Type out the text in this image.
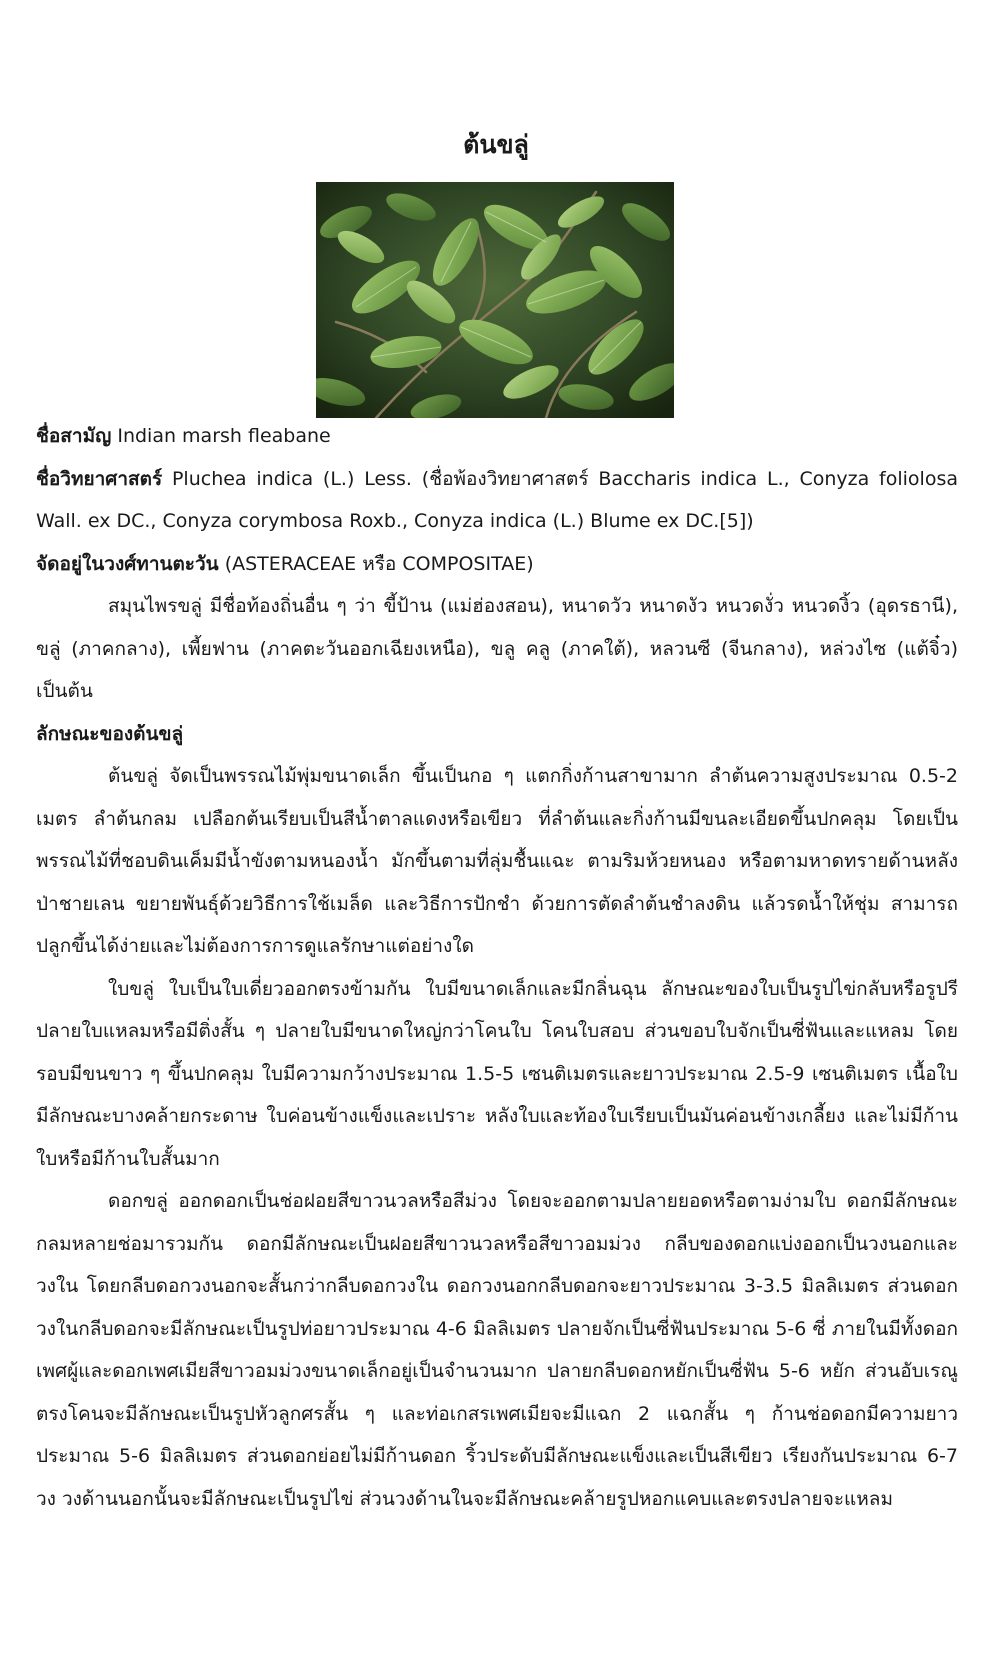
ต้นขลู่

ชื่อสามัญ Indian marsh fleabane

ชื่อวิทยาศาสตร์ Pluchea indica (L.) Less. (ชื่อพ้องวิทยาศาสตร์ Baccharis indica L., Conyza foliolosa Wall. ex DC., Conyza corymbosa Roxb., Conyza indica (L.) Blume ex DC.[5])

จัดอยู่ในวงศ์ทานตะวัน (ASTERACEAE หรือ COMPOSITAE)

สมุนไพรขลู่ มีชื่อท้องถิ่นอื่น ๆ ว่า ขี้ป้าน (แม่ฮ่องสอน), หนาดวัว หนาดงัว หนวดงั่ว หนวดงิ้ว (อุดรธานี), ขลู่ (ภาคกลาง), เพี้ยฟาน (ภาคตะวันออกเฉียงเหนือ), ขลู คลู (ภาคใต้), หลวนซี (จีนกลาง), หล่วงไซ (แต้จิ๋ว) เป็นต้น

ลักษณะของต้นขลู่

ต้นขลู่ จัดเป็นพรรณไม้พุ่มขนาดเล็ก ขึ้นเป็นกอ ๆ แตกกิ่งก้านสาขามาก ลำต้นความสูงประมาณ 0.5-2 เมตร ลำต้นกลม เปลือกต้นเรียบเป็นสีน้ำตาลแดงหรือเขียว ที่ลำต้นและกิ่งก้านมีขนละเอียดขึ้นปกคลุม โดยเป็นพรรณไม้ที่ชอบดินเค็มมีน้ำขังตามหนองน้ำ มักขึ้นตามที่ลุ่มชื้นแฉะ ตามริมห้วยหนอง หรือตามหาดทรายด้านหลังป่าชายเลน ขยายพันธุ์ด้วยวิธีการใช้เมล็ด และวิธีการปักชำ ด้วยการตัดลำต้นชำลงดิน แล้วรดน้ำให้ชุ่ม สามารถปลูกขึ้นได้ง่ายและไม่ต้องการการดูแลรักษาแต่อย่างใด

ใบขลู่ ใบเป็นใบเดี่ยวออกตรงข้ามกัน ใบมีขนาดเล็กและมีกลิ่นฉุน ลักษณะของใบเป็นรูปไข่กลับหรือรูปรี ปลายใบแหลมหรือมีติ่งสั้น ๆ ปลายใบมีขนาดใหญ่กว่าโคนใบ โคนใบสอบ ส่วนขอบใบจักเป็นซี่ฟันและแหลม โดยรอบมีขนขาว ๆ ขึ้นปกคลุม ใบมีความกว้างประมาณ 1.5-5 เซนติเมตรและยาวประมาณ 2.5-9 เซนติเมตร เนื้อใบมีลักษณะบางคล้ายกระดาษ ใบค่อนข้างแข็งและเปราะ หลังใบและท้องใบเรียบเป็นมันค่อนข้างเกลี้ยง และไม่มีก้านใบหรือมีก้านใบสั้นมาก

ดอกขลู่ ออกดอกเป็นช่อฝอยสีขาวนวลหรือสีม่วง โดยจะออกตามปลายยอดหรือตามง่ามใบ ดอกมีลักษณะกลมหลายช่อมารวมกัน ดอกมีลักษณะเป็นฝอยสีขาวนวลหรือสีขาวอมม่วง กลีบของดอกแบ่งออกเป็นวงนอกและวงใน โดยกลีบดอกวงนอกจะสั้นกว่ากลีบดอกวงใน ดอกวงนอกกลีบดอกจะยาวประมาณ 3-3.5 มิลลิเมตร ส่วนดอกวงในกลีบดอกจะมีลักษณะเป็นรูปท่อยาวประมาณ 4-6 มิลลิเมตร ปลายจักเป็นซี่ฟันประมาณ 5-6 ซี่ ภายในมีทั้งดอกเพศผู้และดอกเพศเมียสีขาวอมม่วงขนาดเล็กอยู่เป็นจำนวนมาก ปลายกลีบดอกหยักเป็นซี่ฟัน 5-6 หยัก ส่วนอับเรณูตรงโคนจะมีลักษณะเป็นรูปหัวลูกศรสั้น ๆ และท่อเกสรเพศเมียจะมีแฉก 2 แฉกสั้น ๆ ก้านช่อดอกมีความยาวประมาณ 5-6 มิลลิเมตร ส่วนดอกย่อยไม่มีก้านดอก ริ้วประดับมีลักษณะแข็งและเป็นสีเขียว เรียงกันประมาณ 6-7 วง วงด้านนอกนั้นจะมีลักษณะเป็นรูปไข่ ส่วนวงด้านในจะมีลักษณะคล้ายรูปหอกแคบและตรงปลายจะแหลม
